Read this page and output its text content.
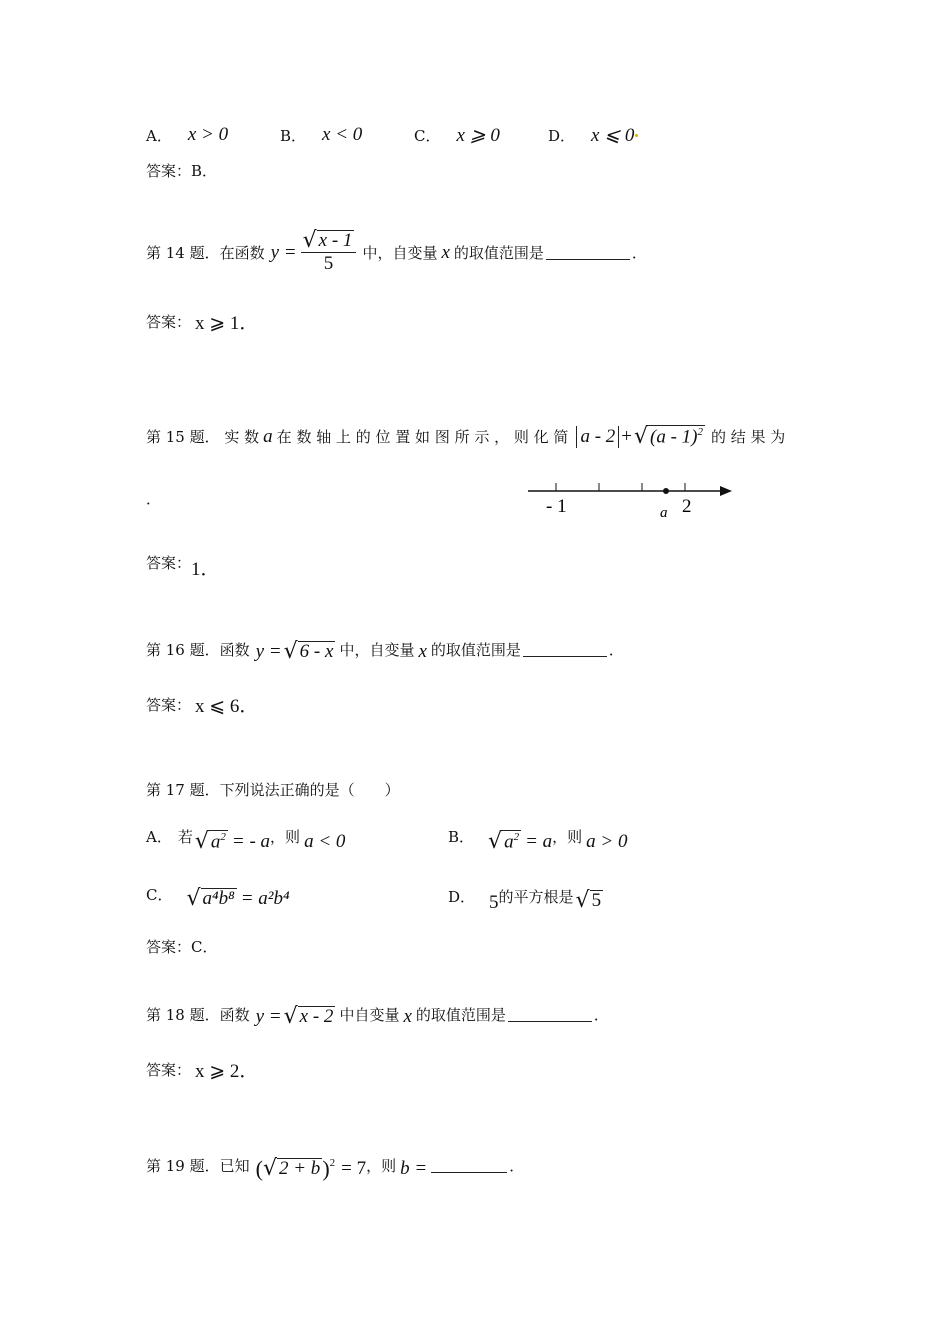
A． x > 0	B． x < 0	C． x ⩾ 0	D． x ⩽ 0
答案： B．
第 14 题．在函数 $y = \frac{√ x - 1}{5}$ 中，自变量 x 的取值范围是	．
答案： x ⩾ 1．
第 15 题． 实 数 a 在 数 轴 上 的 位 置 如 图 所 示 ， 则 化 简 a - 2 + √ (a - 1)$^2$ 的 结 果 为
．	- 1	2
a
答案： 1．
第 16 题．函数 y = √ 6 - x 中，自变量 x 的取值范围是	．
答案： x ⩽ 6．
第 17 题．下列说法正确的是（　　）
A． 若 √ $a^2$ = - a ，则 a < 0	B． √ $a^2 = a$ ，则 a > 0
C． √ a⁴b⁸ = a²b⁴	D． 5 的平方根是 √ 5
答案： C．
第 18 题．函数 y = √ x - 2 中自变量 x 的取值范围是	．
答案： x ⩾ 2．
第 19 题．已知 ( √ 2 + b ) 2 = 7 ，则 b =	．
